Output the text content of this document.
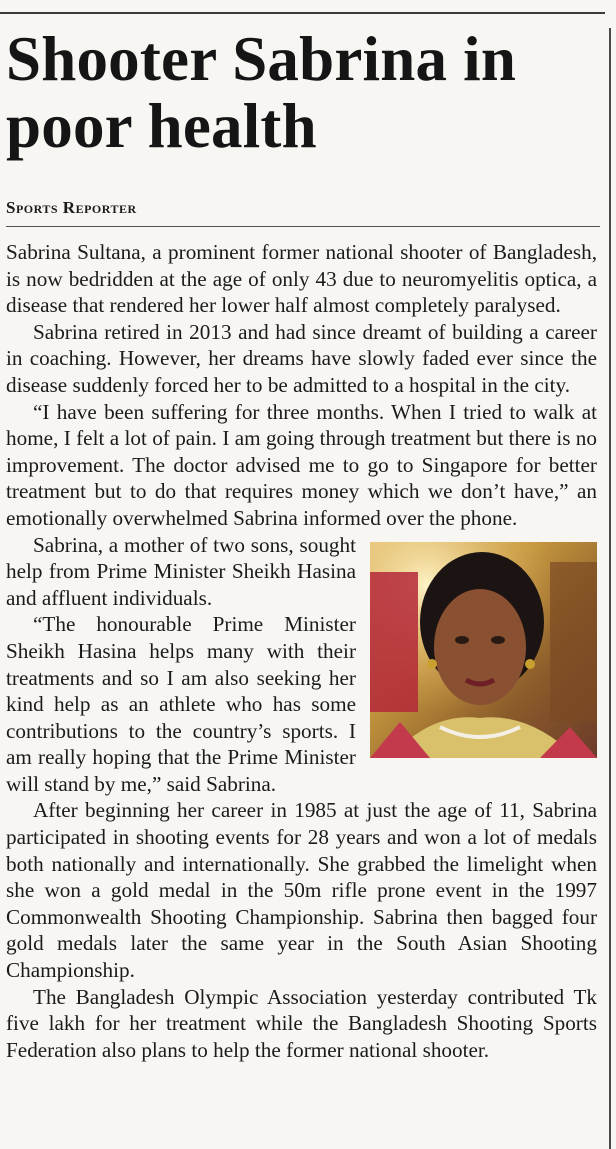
Shooter Sabrina in poor health
Sports Reporter

Sabrina Sultana, a prominent former national shooter of Bangladesh, is now bedridden at the age of only 43 due to neuromyelitis optica, a disease that rendered her lower half almost completely paralysed.

Sabrina retired in 2013 and had since dreamt of building a career in coaching. However, her dreams have slowly faded ever since the disease suddenly forced her to be admitted to a hospital in the city.

“I have been suffering for three months. When I tried to walk at home, I felt a lot of pain. I am going through treatment but there is no improvement. The doctor advised me to go to Singapore for better treatment but to do that requires money which we don’t have,” an emotionally overwhelmed Sabrina informed over the phone.

Sabrina, a mother of two sons, sought help from Prime Minister Sheikh Hasina and affluent individuals.

“The honourable Prime Minister Sheikh Hasina helps many with their treatments and so I am also seeking her kind help as an athlete who has some contributions to the country’s sports. I am really hoping that the Prime Minister will stand by me,” said Sabrina.

After beginning her career in 1985 at just the age of 11, Sabrina participated in shooting events for 28 years and won a lot of medals both nationally and internationally. She grabbed the limelight when she won a gold medal in the 50m rifle prone event in the 1997 Commonwealth Shooting Championship. Sabrina then bagged four gold medals later the same year in the South Asian Shooting Championship.

The Bangladesh Olympic Association yesterday contributed Tk five lakh for her treatment while the Bangladesh Shooting Sports Federation also plans to help the former national shooter.
